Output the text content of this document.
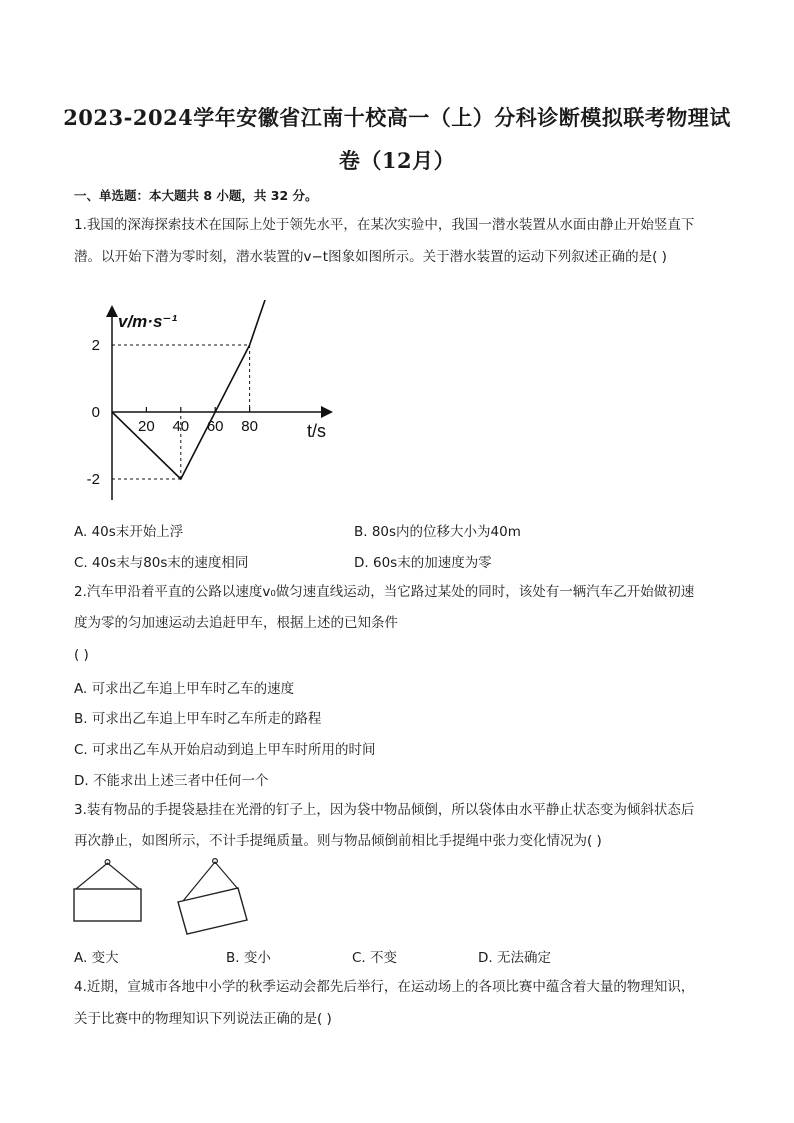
2023-2024学年安徽省江南十校高一（上）分科诊断模拟联考物理试
卷（12月）
一、单选题：本大题共 8 小题，共 32 分。
1.我国的深海探索技术在国际上处于领先水平，在某次实验中，我国一潜水装置从水面由静止开始竖直下
潜。以开始下潜为零时刻，潜水装置的v−t图象如图所示。关于潜水装置的运动下列叙述正确的是( )
20 40 60 80
2
0
-2
v/m·s⁻¹
t/s
A. 40s末开始上浮	B. 80s内的位移大小为40m
C. 40s末与80s末的速度相同	D. 60s末的加速度为零
2.汽车甲沿着平直的公路以速度v₀做匀速直线运动，当它路过某处的同时，该处有一辆汽车乙开始做初速
度为零的匀加速运动去追赶甲车，根据上述的已知条件
( )
A. 可求出乙车追上甲车时乙车的速度
B. 可求出乙车追上甲车时乙车所走的路程
C. 可求出乙车从开始启动到追上甲车时所用的时间
D. 不能求出上述三者中任何一个
3.装有物品的手提袋悬挂在光滑的钉子上，因为袋中物品倾倒，所以袋体由水平静止状态变为倾斜状态后
再次静止，如图所示，不计手提绳质量。则与物品倾倒前相比手提绳中张力变化情况为( )
A. 变大	B. 变小	C. 不变	D. 无法确定
4.近期，宣城市各地中小学的秋季运动会都先后举行，在运动场上的各项比赛中蕴含着大量的物理知识，
关于比赛中的物理知识下列说法正确的是( )
